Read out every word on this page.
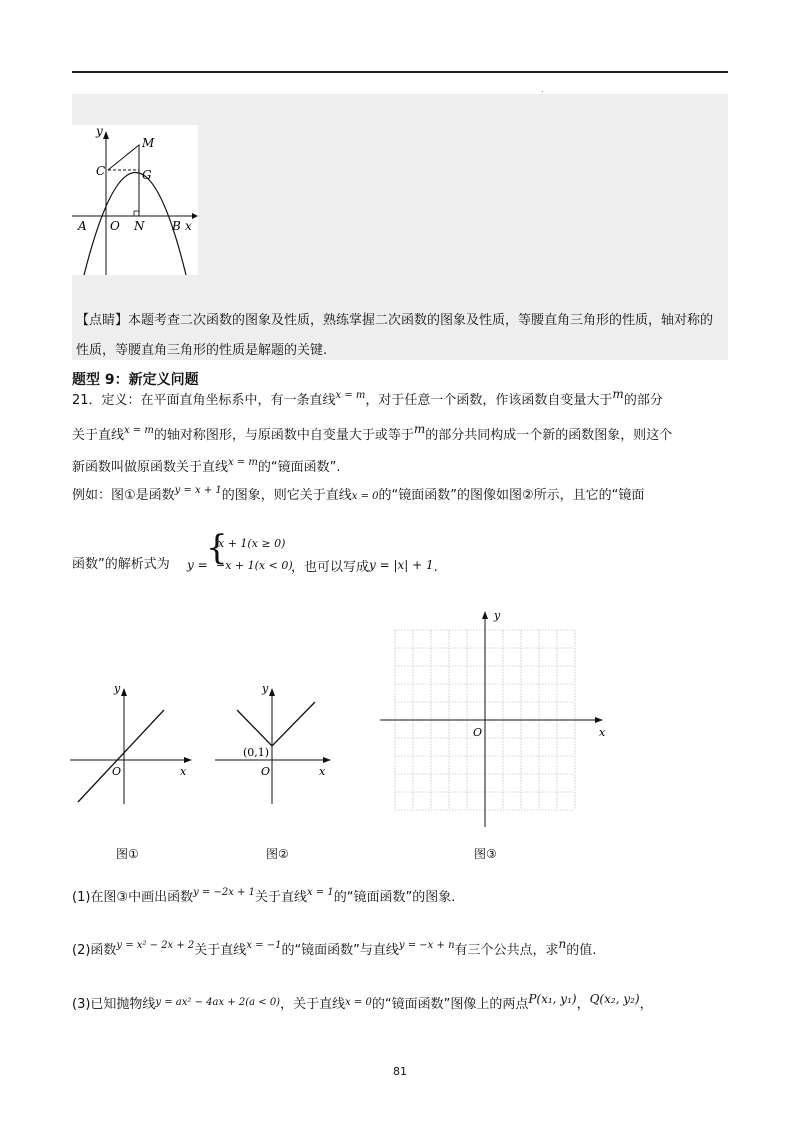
.
y
M
C	G
A O N B x
【点睛】本题考查二次函数的图象及性质，熟练掌握二次函数的图象及性质，等腰直角三角形的性质，轴对称的性质，等腰直角三角形的性质是解题的关键.
题型 9：新定义问题
21．定义：在平面直角坐标系中，有一条直线$^{x = m}$，对于任意一个函数，作该函数自变量大于m的部分
关于直线$^{x = m}$的轴对称图形，与原函数中自变量大于或等于m的部分共同构成一个新的函数图象，则这个
新函数叫做原函数关于直线$^{x = m}$的“镜面函数”.
例如：图①是函数$^{y = x + 1}$的图象，则它关于直线x = 0的“镜面函数”的图像如图②所示，且它的“镜面
函数”的解析式为 y =
{
x + 1(x ≥ 0)
−x + 1(x < 0)
，也可以写成y = |x| + 1.
y
x
O
图①
y
x
O
(0,1)
图②
y
x
O
图③
(1)在图③中画出函数$^{y = -2x + 1}$关于直线$^{x = 1}$的“镜面函数”的图象.
(2)函数$^{y = x^2 - 2x + 2}$关于直线$^{x = -1}$的“镜面函数”与直线$^{y = -x + n}$有三个公共点，求n的值.
(3)已知抛物线$^{y = ax^2 - 4ax + 2(a < 0)}$，关于直线$^{x = 0}$的“镜面函数”图像上的两点P(x₁, y₁)，Q(x₂, y₂)，
81
